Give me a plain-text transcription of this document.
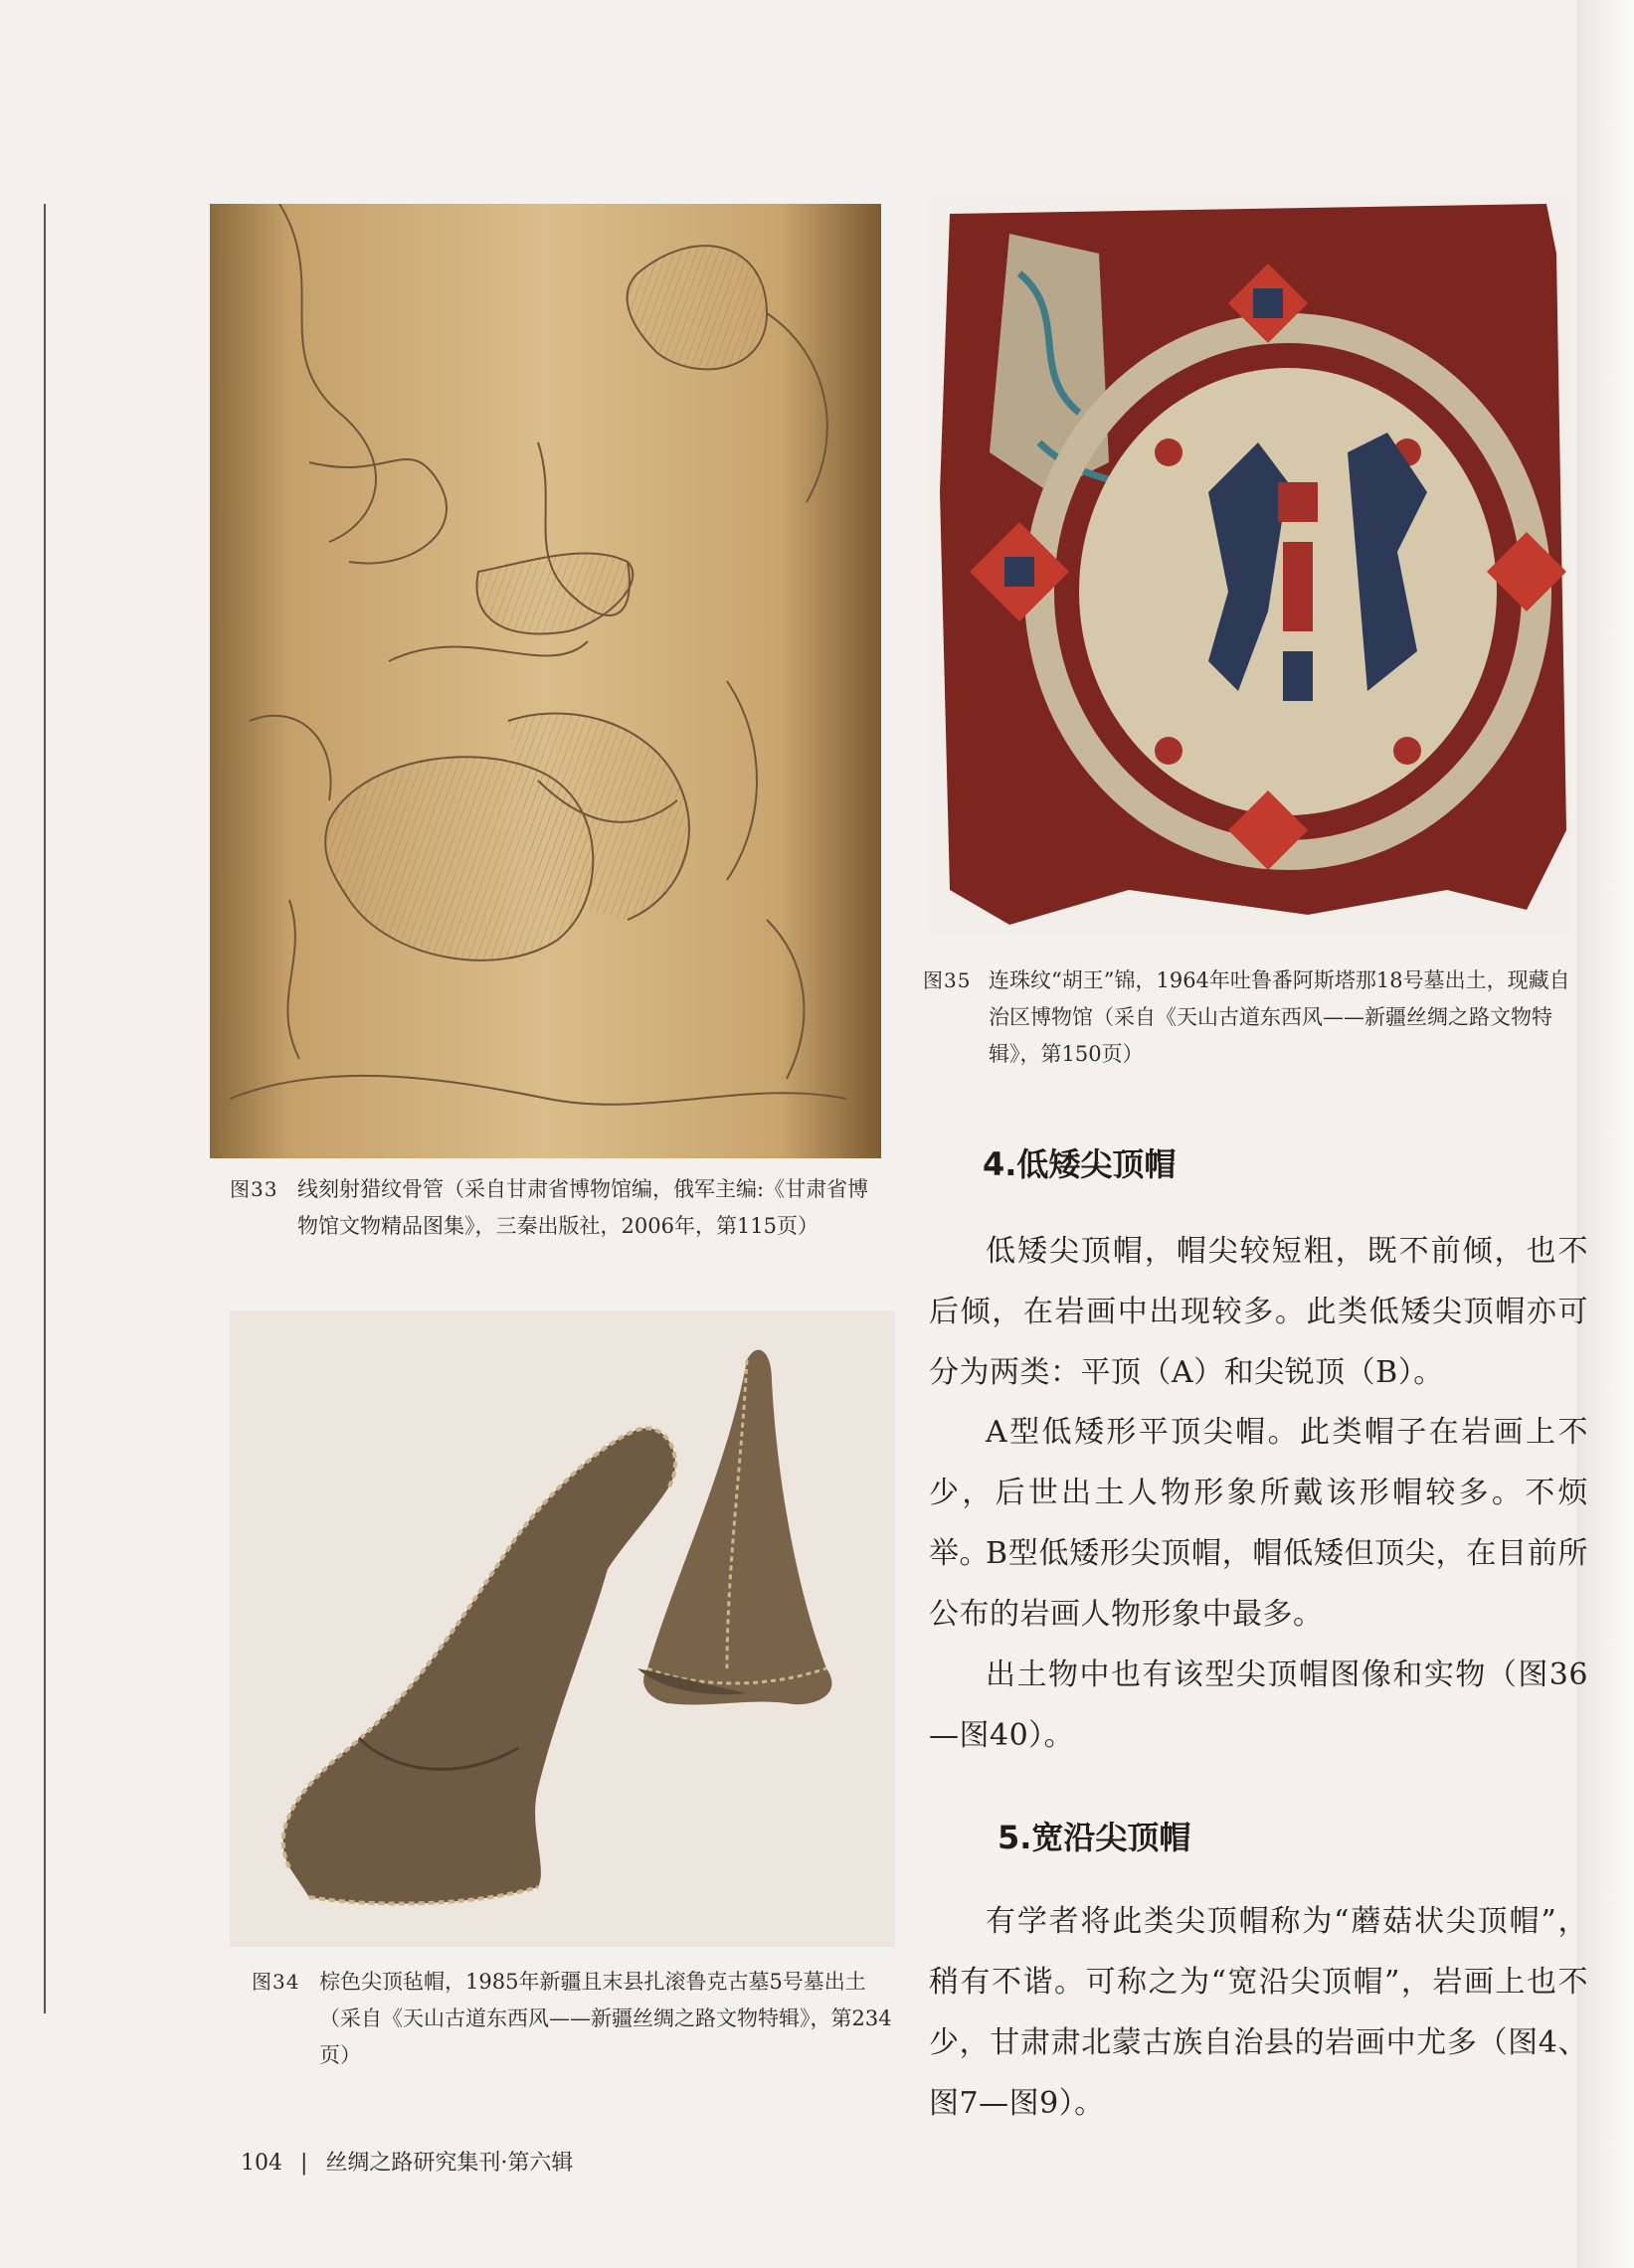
图33 线刻射猎纹骨管（采自甘肃省博物馆编，俄军主编:《甘肃省博物馆文物精品图集》，三秦出版社，2006年，第115页）
图35 连珠纹“胡王”锦，1964年吐鲁番阿斯塔那18号墓出土，现藏自治区博物馆（采自《天山古道东西风——新疆丝绸之路文物特辑》，第150页）
图34 棕色尖顶毡帽，1985年新疆且末县扎滚鲁克古墓5号墓出土（采自《天山古道东西风——新疆丝绸之路文物特辑》，第234页）
4.低矮尖顶帽
低矮尖顶帽，帽尖较短粗，既不前倾，也不后倾，在岩画中出现较多。此类低矮尖顶帽亦可分为两类：平顶（A）和尖锐顶（B）。
A型低矮形平顶尖帽。此类帽子在岩画上不少，后世出土人物形象所戴该形帽较多。不烦举。
B型低矮形尖顶帽，帽低矮但顶尖，在目前所公布的岩画人物形象中最多。
出土物中也有该型尖顶帽图像和实物（图36—图40）。
5.宽沿尖顶帽
有学者将此类尖顶帽称为“蘑菇状尖顶帽”，稍有不谐。可称之为“宽沿尖顶帽”，岩画上也不少，甘肃肃北蒙古族自治县的岩画中尤多（图4、图7—图9）。
104 | 丝绸之路研究集刊·第六辑
